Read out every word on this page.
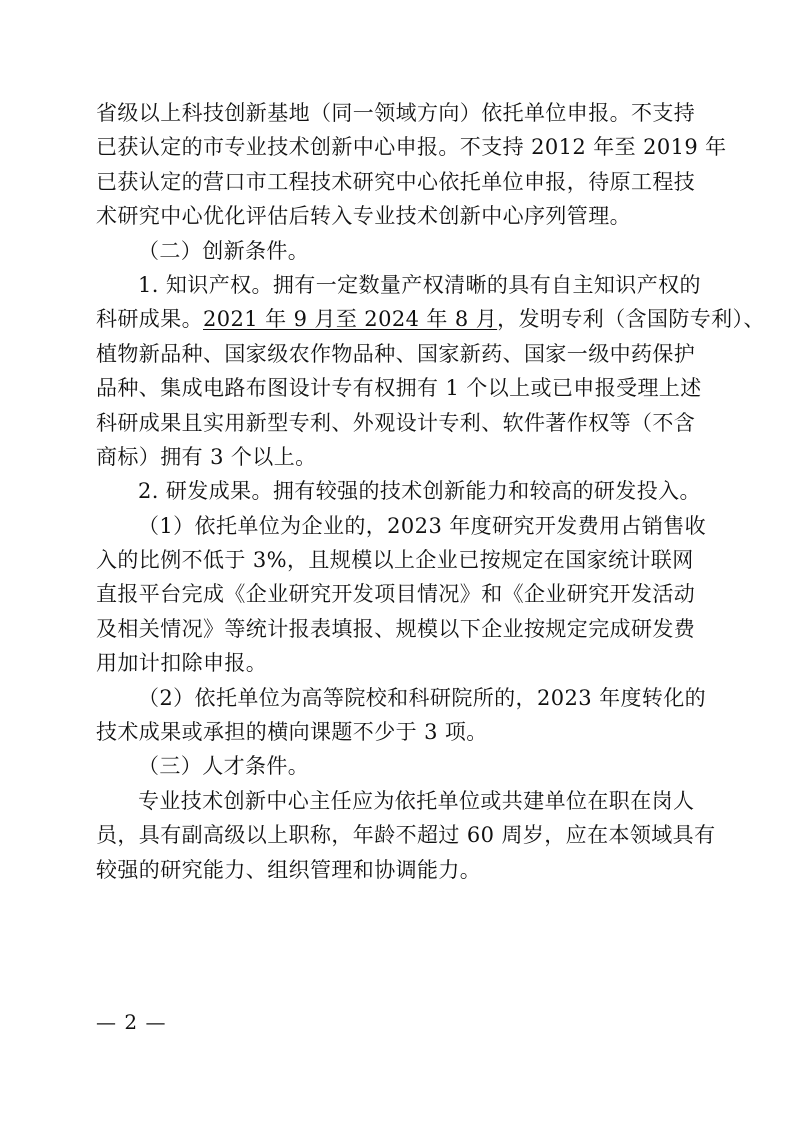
省级以上科技创新基地（同一领域方向）依托单位申报。不支持
已获认定的市专业技术创新中心申报。不支持 2012 年至 2019 年
已获认定的营口市工程技术研究中心依托单位申报，待原工程技
术研究中心优化评估后转入专业技术创新中心序列管理。
（二）创新条件。
1. 知识产权。拥有一定数量产权清晰的具有自主知识产权的
科研成果。2021 年 9 月至 2024 年 8 月，发明专利（含国防专利）、
植物新品种、国家级农作物品种、国家新药、国家一级中药保护
品种、集成电路布图设计专有权拥有 1 个以上或已申报受理上述
科研成果且实用新型专利、外观设计专利、软件著作权等（不含
商标）拥有 3 个以上。
2. 研发成果。拥有较强的技术创新能力和较高的研发投入。
（1）依托单位为企业的，2023 年度研究开发费用占销售收
入的比例不低于 3%，且规模以上企业已按规定在国家统计联网
直报平台完成《企业研究开发项目情况》和《企业研究开发活动
及相关情况》等统计报表填报、规模以下企业按规定完成研发费
用加计扣除申报。
（2）依托单位为高等院校和科研院所的，2023 年度转化的
技术成果或承担的横向课题不少于 3 项。
（三）人才条件。
专业技术创新中心主任应为依托单位或共建单位在职在岗人
员，具有副高级以上职称，年龄不超过 60 周岁，应在本领域具有
较强的研究能力、组织管理和协调能力。
— 2 —
